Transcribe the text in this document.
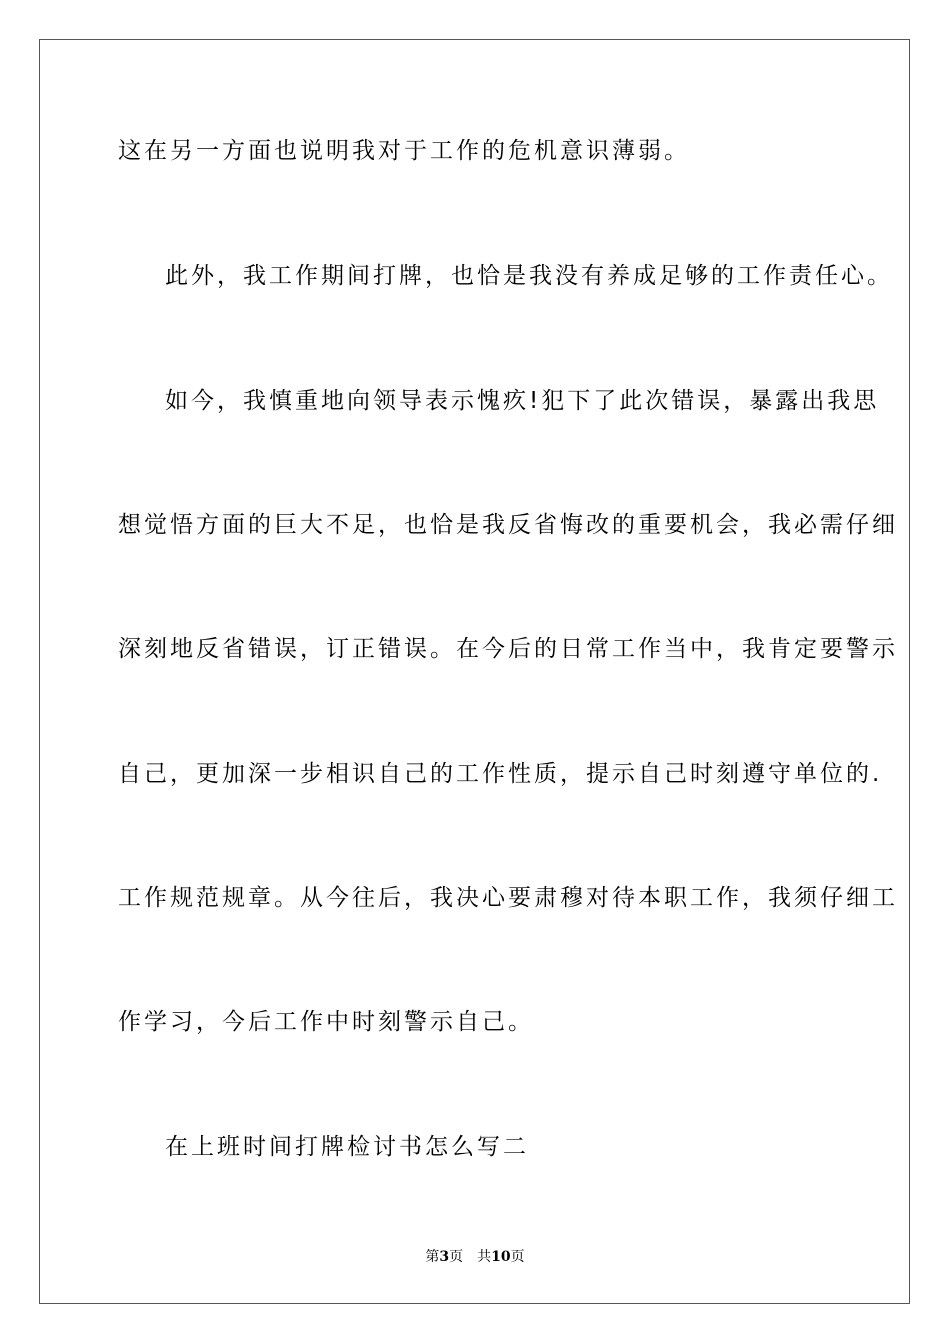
这在另一方面也说明我对于工作的危机意识薄弱。
此外，我工作期间打牌，也恰是我没有养成足够的工作责任心。
如今，我慎重地向领导表示愧疚!犯下了此次错误，暴露出我思
想觉悟方面的巨大不足，也恰是我反省悔改的重要机会，我必需仔细
深刻地反省错误，订正错误。在今后的日常工作当中，我肯定要警示
自己，更加深一步相识自己的工作性质，提示自己时刻遵守单位的.
工作规范规章。从今往后，我决心要肃穆对待本职工作，我须仔细工
作学习，今后工作中时刻警示自己。
在上班时间打牌检讨书怎么写二
第3页 共10页
